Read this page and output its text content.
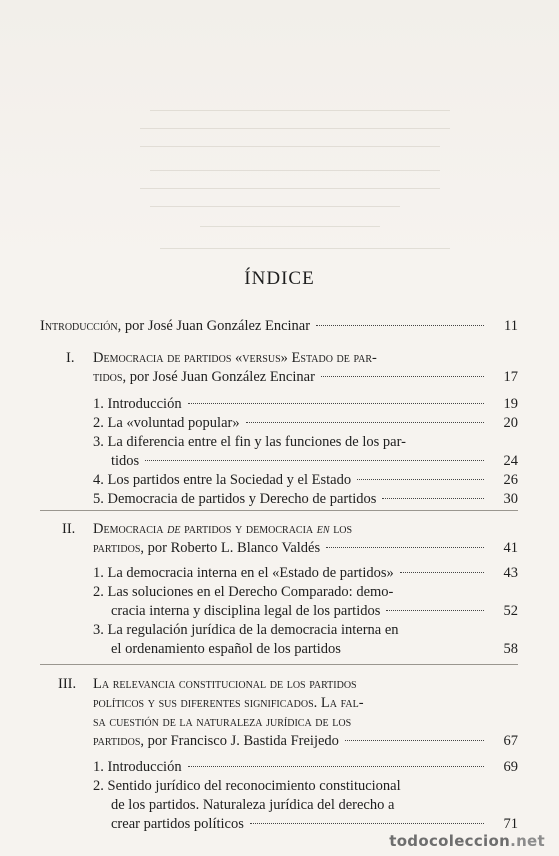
ÍNDICE
Introducción, por José Juan González Encinar	11
I. Democracia de partidos «versus» Estado de par-
tidos, por José Juan González Encinar	17
1. Introducción	19
2. La «voluntad popular»	20
3. La diferencia entre el fin y las funciones de los par-
tidos	24
4. Los partidos entre la Sociedad y el Estado	26
5. Democracia de partidos y Derecho de partidos	30
II. Democracia de partidos y democracia en los
partidos, por Roberto L. Blanco Valdés	41
1. La democracia interna en el «Estado de partidos»	43
2. Las soluciones en el Derecho Comparado: demo-
cracia interna y disciplina legal de los partidos	52
3. La regulación jurídica de la democracia interna en
el ordenamiento español de los partidos	58
III. La relevancia constitucional de los partidos
políticos y sus diferentes significados. La fal-
sa cuestión de la naturaleza jurídica de los
partidos, por Francisco J. Bastida Freijedo	67
1. Introducción	69
2. Sentido jurídico del reconocimiento constitucional
de los partidos. Naturaleza jurídica del derecho a
crear partidos políticos	71
todocoleccion.net
